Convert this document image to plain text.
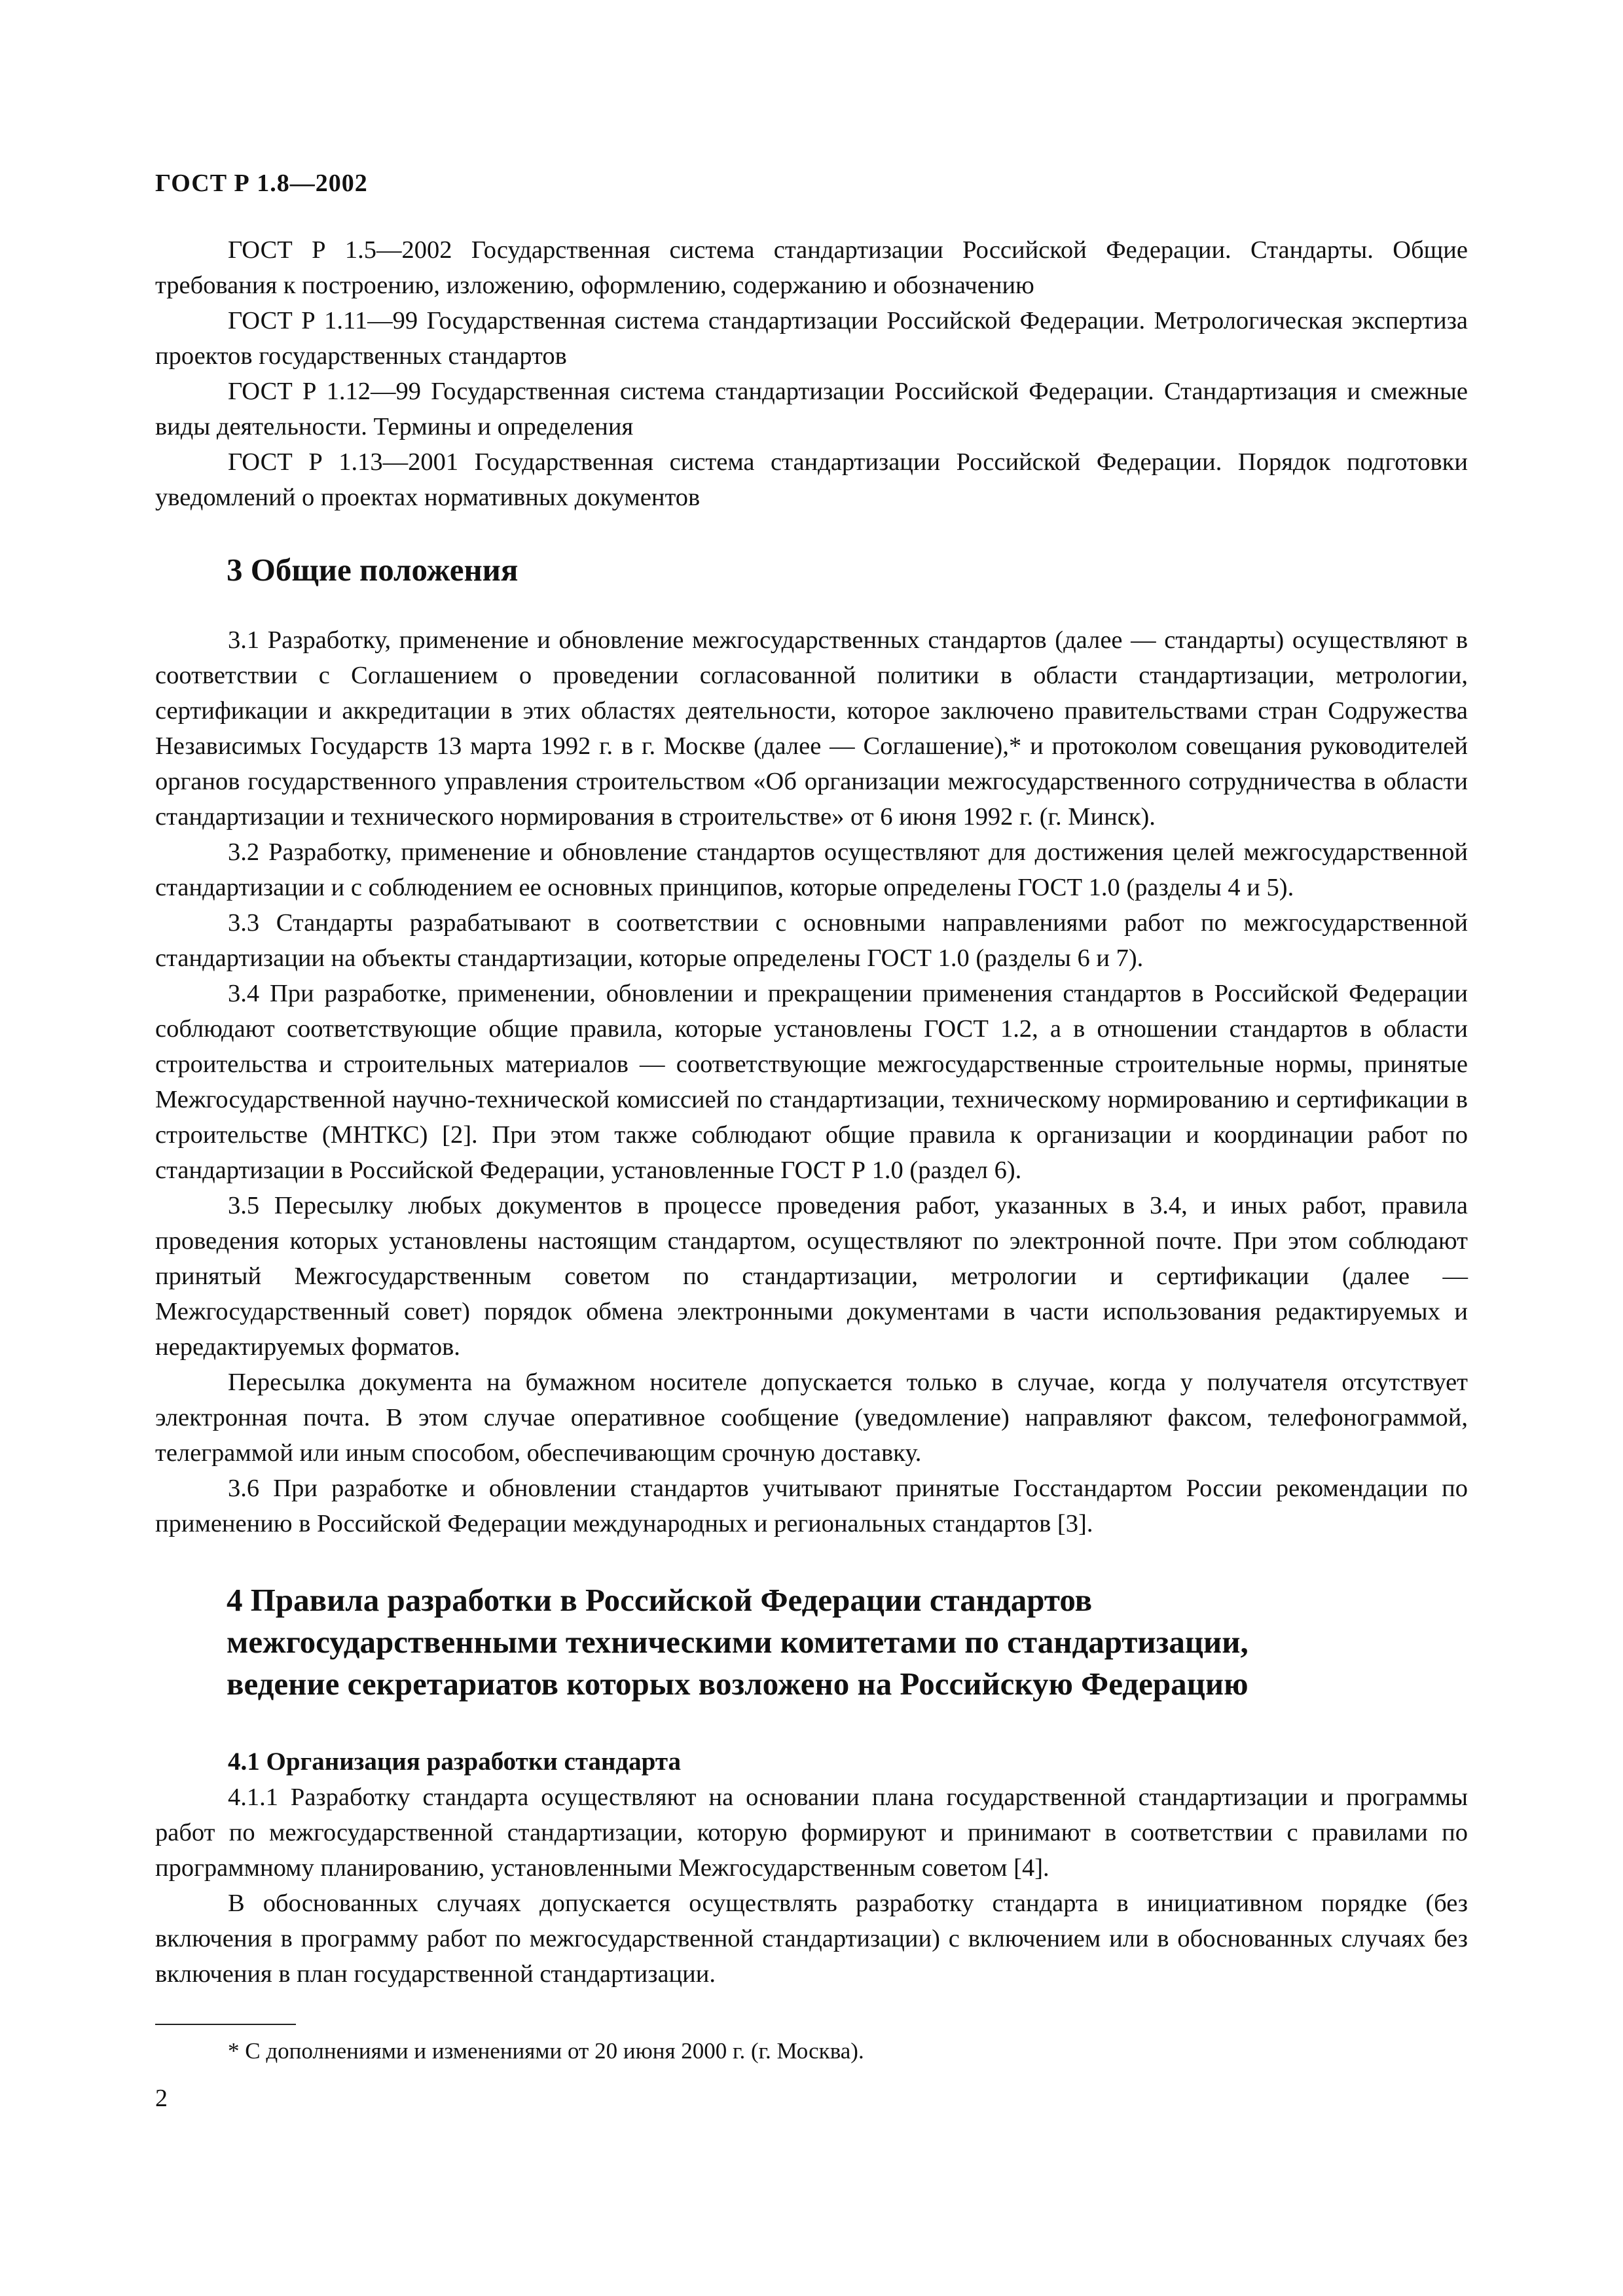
ГОСТ Р 1.8—2002

ГОСТ Р 1.5—2002 Государственная система стандартизации Российской Федерации. Стандарты. Общие требования к построению, изложению, оформлению, содержанию и обозначению

ГОСТ Р 1.11—99 Государственная система стандартизации Российской Федерации. Метрологическая экспертиза проектов государственных стандартов

ГОСТ Р 1.12—99 Государственная система стандартизации Российской Федерации. Стандартизация и смежные виды деятельности. Термины и определения

ГОСТ Р 1.13—2001 Государственная система стандартизации Российской Федерации. Порядок подготовки уведомлений о проектах нормативных документов

3 Общие положения

3.1 Разработку, применение и обновление межгосударственных стандартов (далее — стандарты) осуществляют в соответствии с Соглашением о проведении согласованной политики в области стандартизации, метрологии, сертификации и аккредитации в этих областях деятельности, которое заключено правительствами стран Содружества Независимых Государств 13 марта 1992 г. в г. Москве (далее — Соглашение),* и протоколом совещания руководителей органов государственного управления строительством «Об организации межгосударственного сотрудничества в области стандартизации и технического нормирования в строительстве» от 6 июня 1992 г. (г. Минск).

3.2 Разработку, применение и обновление стандартов осуществляют для достижения целей межгосударственной стандартизации и с соблюдением ее основных принципов, которые определены ГОСТ 1.0 (разделы 4 и 5).

3.3 Стандарты разрабатывают в соответствии с основными направлениями работ по межгосударственной стандартизации на объекты стандартизации, которые определены ГОСТ 1.0 (разделы 6 и 7).

3.4 При разработке, применении, обновлении и прекращении применения стандартов в Российской Федерации соблюдают соответствующие общие правила, которые установлены ГОСТ 1.2, а в отношении стандартов в области строительства и строительных материалов — соответствующие межгосударственные строительные нормы, принятые Межгосударственной научно-технической комиссией по стандартизации, техническому нормированию и сертификации в строительстве (МНТКС) [2]. При этом также соблюдают общие правила к организации и координации работ по стандартизации в Российской Федерации, установленные ГОСТ Р 1.0 (раздел 6).

3.5 Пересылку любых документов в процессе проведения работ, указанных в 3.4, и иных работ, правила проведения которых установлены настоящим стандартом, осуществляют по электронной почте. При этом соблюдают принятый Межгосударственным советом по стандартизации, метрологии и сертификации (далее — Межгосударственный совет) порядок обмена электронными документами в части использования редактируемых и нередактируемых форматов.

Пересылка документа на бумажном носителе допускается только в случае, когда у получателя отсутствует электронная почта. В этом случае оперативное сообщение (уведомление) направляют факсом, телефонограммой, телеграммой или иным способом, обеспечивающим срочную доставку.

3.6 При разработке и обновлении стандартов учитывают принятые Госстандартом России рекомендации по применению в Российской Федерации международных и региональных стандартов [3].

4 Правила разработки в Российской Федерации стандартов
межгосударственными техническими комитетами по стандартизации,
ведение секретариатов которых возложено на Российскую Федерацию
4.1 Организация разработки стандарта

4.1.1 Разработку стандарта осуществляют на основании плана государственной стандартизации и программы работ по межгосударственной стандартизации, которую формируют и принимают в соответствии с правилами по программному планированию, установленными Межгосударственным советом [4].

В обоснованных случаях допускается осуществлять разработку стандарта в инициативном порядке (без включения в программу работ по межгосударственной стандартизации) с включением или в обоснованных случаях без включения в план государственной стандартизации.

* С дополнениями и изменениями от 20 июня 2000 г. (г. Москва).
2
